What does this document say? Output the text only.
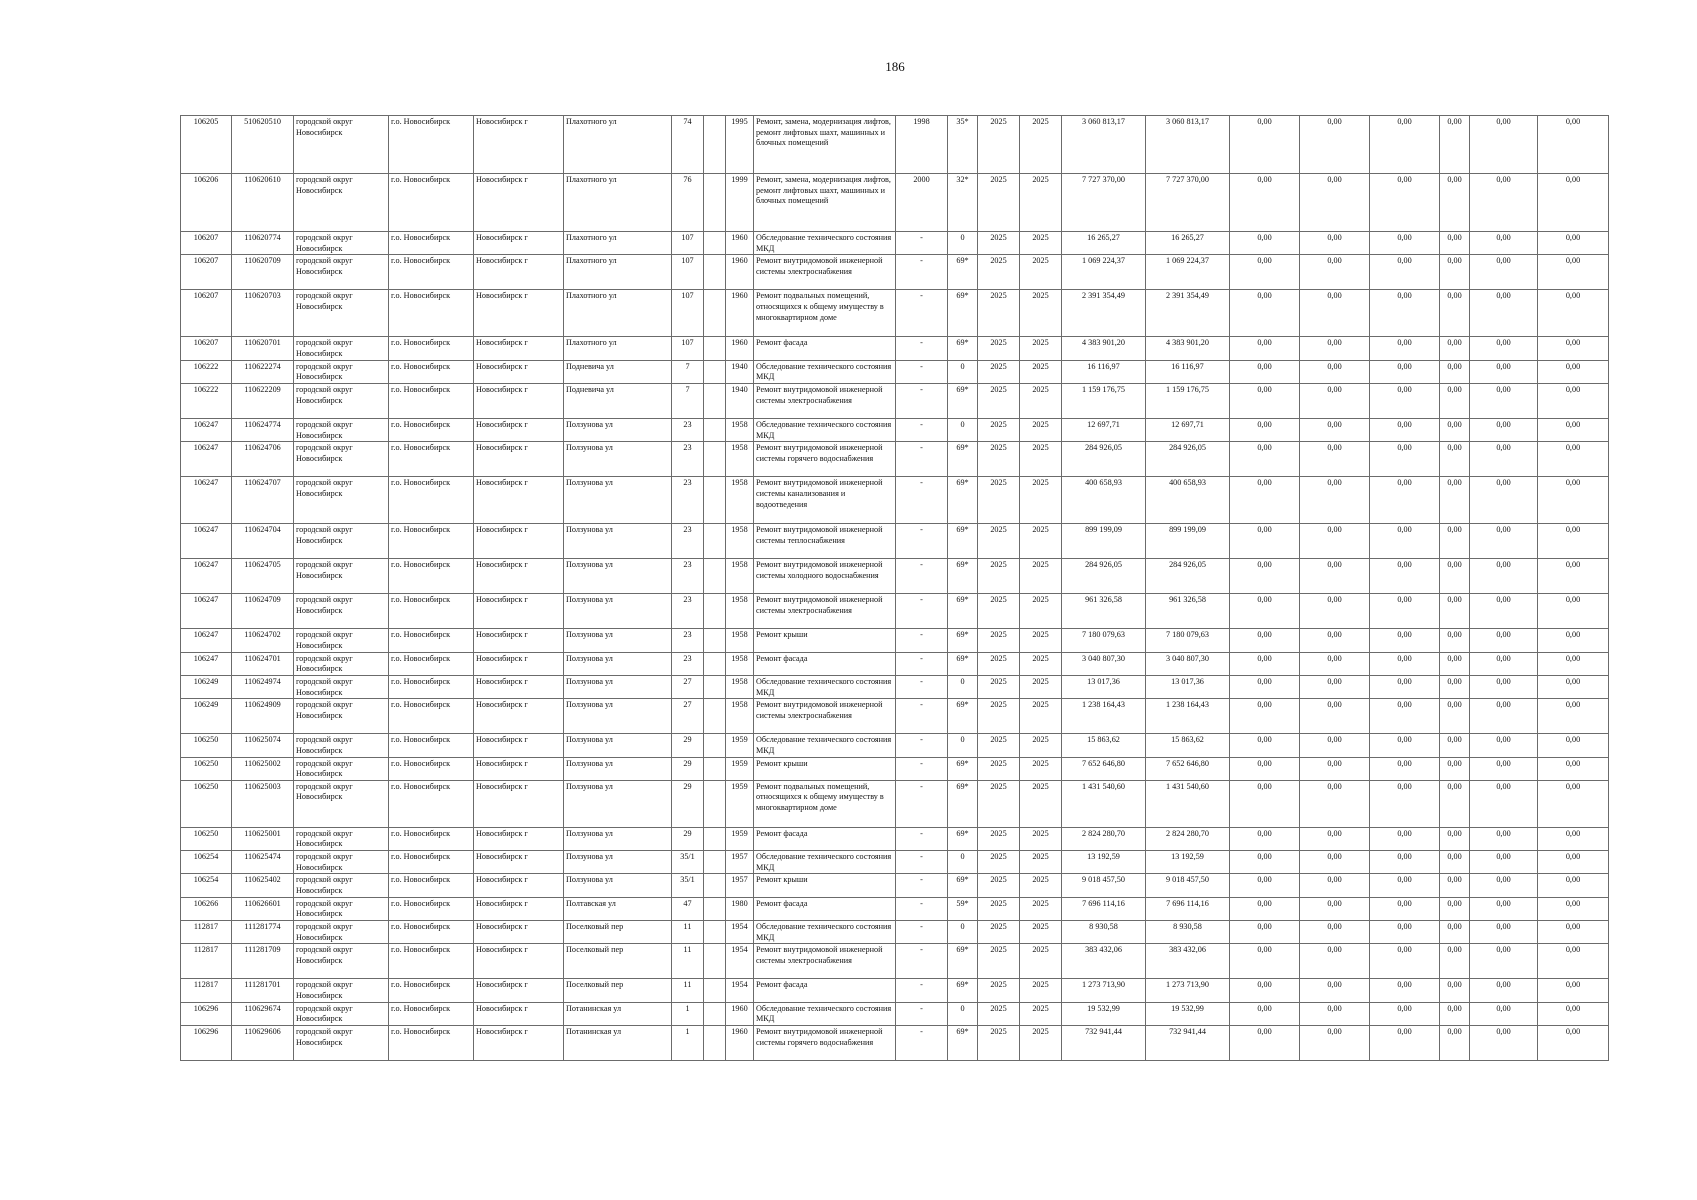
186
106205	510620510	городской округ Новосибирск	г.о. Новосибирск	Новосибирск г	Плахотного ул	74		1995	Ремонт, замена, модернизация лифтов, ремонт лифтовых шахт, машинных и блочных помещений	1998	35*	2025	2025	3 060 813,17	3 060 813,17	0,00	0,00	0,00	0,00	0,00	0,00
106206	110620610	городской округ Новосибирск	г.о. Новосибирск	Новосибирск г	Плахотного ул	76		1999	Ремонт, замена, модернизация лифтов, ремонт лифтовых шахт, машинных и блочных помещений	2000	32*	2025	2025	7 727 370,00	7 727 370,00	0,00	0,00	0,00	0,00	0,00	0,00
106207	110620774	городской округ Новосибирск	г.о. Новосибирск	Новосибирск г	Плахотного ул	107		1960	Обследование технического состояния МКД	-	0	2025	2025	16 265,27	16 265,27	0,00	0,00	0,00	0,00	0,00	0,00
106207	110620709	городской округ Новосибирск	г.о. Новосибирск	Новосибирск г	Плахотного ул	107		1960	Ремонт внутридомовой инженерной системы электроснабжения	-	69*	2025	2025	1 069 224,37	1 069 224,37	0,00	0,00	0,00	0,00	0,00	0,00
106207	110620703	городской округ Новосибирск	г.о. Новосибирск	Новосибирск г	Плахотного ул	107		1960	Ремонт подвальных помещений, относящихся к общему имуществу в многоквартирном доме	-	69*	2025	2025	2 391 354,49	2 391 354,49	0,00	0,00	0,00	0,00	0,00	0,00
106207	110620701	городской округ Новосибирск	г.о. Новосибирск	Новосибирск г	Плахотного ул	107		1960	Ремонт фасада	-	69*	2025	2025	4 383 901,20	4 383 901,20	0,00	0,00	0,00	0,00	0,00	0,00
106222	110622274	городской округ Новосибирск	г.о. Новосибирск	Новосибирск г	Подневича ул	7		1940	Обследование технического состояния МКД	-	0	2025	2025	16 116,97	16 116,97	0,00	0,00	0,00	0,00	0,00	0,00
106222	110622209	городской округ Новосибирск	г.о. Новосибирск	Новосибирск г	Подневича ул	7		1940	Ремонт внутридомовой инженерной системы электроснабжения	-	69*	2025	2025	1 159 176,75	1 159 176,75	0,00	0,00	0,00	0,00	0,00	0,00
106247	110624774	городской округ Новосибирск	г.о. Новосибирск	Новосибирск г	Ползунова ул	23		1958	Обследование технического состояния МКД	-	0	2025	2025	12 697,71	12 697,71	0,00	0,00	0,00	0,00	0,00	0,00
106247	110624706	городской округ Новосибирск	г.о. Новосибирск	Новосибирск г	Ползунова ул	23		1958	Ремонт внутридомовой инженерной системы горячего водоснабжения	-	69*	2025	2025	284 926,05	284 926,05	0,00	0,00	0,00	0,00	0,00	0,00
106247	110624707	городской округ Новосибирск	г.о. Новосибирск	Новосибирск г	Ползунова ул	23		1958	Ремонт внутридомовой инженерной системы канализования и водоотведения	-	69*	2025	2025	400 658,93	400 658,93	0,00	0,00	0,00	0,00	0,00	0,00
106247	110624704	городской округ Новосибирск	г.о. Новосибирск	Новосибирск г	Ползунова ул	23		1958	Ремонт внутридомовой инженерной системы теплоснабжения	-	69*	2025	2025	899 199,09	899 199,09	0,00	0,00	0,00	0,00	0,00	0,00
106247	110624705	городской округ Новосибирск	г.о. Новосибирск	Новосибирск г	Ползунова ул	23		1958	Ремонт внутридомовой инженерной системы холодного водоснабжения	-	69*	2025	2025	284 926,05	284 926,05	0,00	0,00	0,00	0,00	0,00	0,00
106247	110624709	городской округ Новосибирск	г.о. Новосибирск	Новосибирск г	Ползунова ул	23		1958	Ремонт внутридомовой инженерной системы электроснабжения	-	69*	2025	2025	961 326,58	961 326,58	0,00	0,00	0,00	0,00	0,00	0,00
106247	110624702	городской округ Новосибирск	г.о. Новосибирск	Новосибирск г	Ползунова ул	23		1958	Ремонт крыши	-	69*	2025	2025	7 180 079,63	7 180 079,63	0,00	0,00	0,00	0,00	0,00	0,00
106247	110624701	городской округ Новосибирск	г.о. Новосибирск	Новосибирск г	Ползунова ул	23		1958	Ремонт фасада	-	69*	2025	2025	3 040 807,30	3 040 807,30	0,00	0,00	0,00	0,00	0,00	0,00
106249	110624974	городской округ Новосибирск	г.о. Новосибирск	Новосибирск г	Ползунова ул	27		1958	Обследование технического состояния МКД	-	0	2025	2025	13 017,36	13 017,36	0,00	0,00	0,00	0,00	0,00	0,00
106249	110624909	городской округ Новосибирск	г.о. Новосибирск	Новосибирск г	Ползунова ул	27		1958	Ремонт внутридомовой инженерной системы электроснабжения	-	69*	2025	2025	1 238 164,43	1 238 164,43	0,00	0,00	0,00	0,00	0,00	0,00
106250	110625074	городской округ Новосибирск	г.о. Новосибирск	Новосибирск г	Ползунова ул	29		1959	Обследование технического состояния МКД	-	0	2025	2025	15 863,62	15 863,62	0,00	0,00	0,00	0,00	0,00	0,00
106250	110625002	городской округ Новосибирск	г.о. Новосибирск	Новосибирск г	Ползунова ул	29		1959	Ремонт крыши	-	69*	2025	2025	7 652 646,80	7 652 646,80	0,00	0,00	0,00	0,00	0,00	0,00
106250	110625003	городской округ Новосибирск	г.о. Новосибирск	Новосибирск г	Ползунова ул	29		1959	Ремонт подвальных помещений, относящихся к общему имуществу в многоквартирном доме	-	69*	2025	2025	1 431 540,60	1 431 540,60	0,00	0,00	0,00	0,00	0,00	0,00
106250	110625001	городской округ Новосибирск	г.о. Новосибирск	Новосибирск г	Ползунова ул	29		1959	Ремонт фасада	-	69*	2025	2025	2 824 280,70	2 824 280,70	0,00	0,00	0,00	0,00	0,00	0,00
106254	110625474	городской округ Новосибирск	г.о. Новосибирск	Новосибирск г	Ползунова ул	35/1		1957	Обследование технического состояния МКД	-	0	2025	2025	13 192,59	13 192,59	0,00	0,00	0,00	0,00	0,00	0,00
106254	110625402	городской округ Новосибирск	г.о. Новосибирск	Новосибирск г	Ползунова ул	35/1		1957	Ремонт крыши	-	69*	2025	2025	9 018 457,50	9 018 457,50	0,00	0,00	0,00	0,00	0,00	0,00
106266	110626601	городской округ Новосибирск	г.о. Новосибирск	Новосибирск г	Полтавская ул	47		1980	Ремонт фасада	-	59*	2025	2025	7 696 114,16	7 696 114,16	0,00	0,00	0,00	0,00	0,00	0,00
112817	111281774	городской округ Новосибирск	г.о. Новосибирск	Новосибирск г	Поселковый пер	11		1954	Обследование технического состояния МКД	-	0	2025	2025	8 930,58	8 930,58	0,00	0,00	0,00	0,00	0,00	0,00
112817	111281709	городской округ Новосибирск	г.о. Новосибирск	Новосибирск г	Поселковый пер	11		1954	Ремонт внутридомовой инженерной системы электроснабжения	-	69*	2025	2025	383 432,06	383 432,06	0,00	0,00	0,00	0,00	0,00	0,00
112817	111281701	городской округ Новосибирск	г.о. Новосибирск	Новосибирск г	Поселковый пер	11		1954	Ремонт фасада	-	69*	2025	2025	1 273 713,90	1 273 713,90	0,00	0,00	0,00	0,00	0,00	0,00
106296	110629674	городской округ Новосибирск	г.о. Новосибирск	Новосибирск г	Потанинская ул	1		1960	Обследование технического состояния МКД	-	0	2025	2025	19 532,99	19 532,99	0,00	0,00	0,00	0,00	0,00	0,00
106296	110629606	городской округ Новосибирск	г.о. Новосибирск	Новосибирск г	Потанинская ул	1		1960	Ремонт внутридомовой инженерной системы горячего водоснабжения	-	69*	2025	2025	732 941,44	732 941,44	0,00	0,00	0,00	0,00	0,00	0,00
